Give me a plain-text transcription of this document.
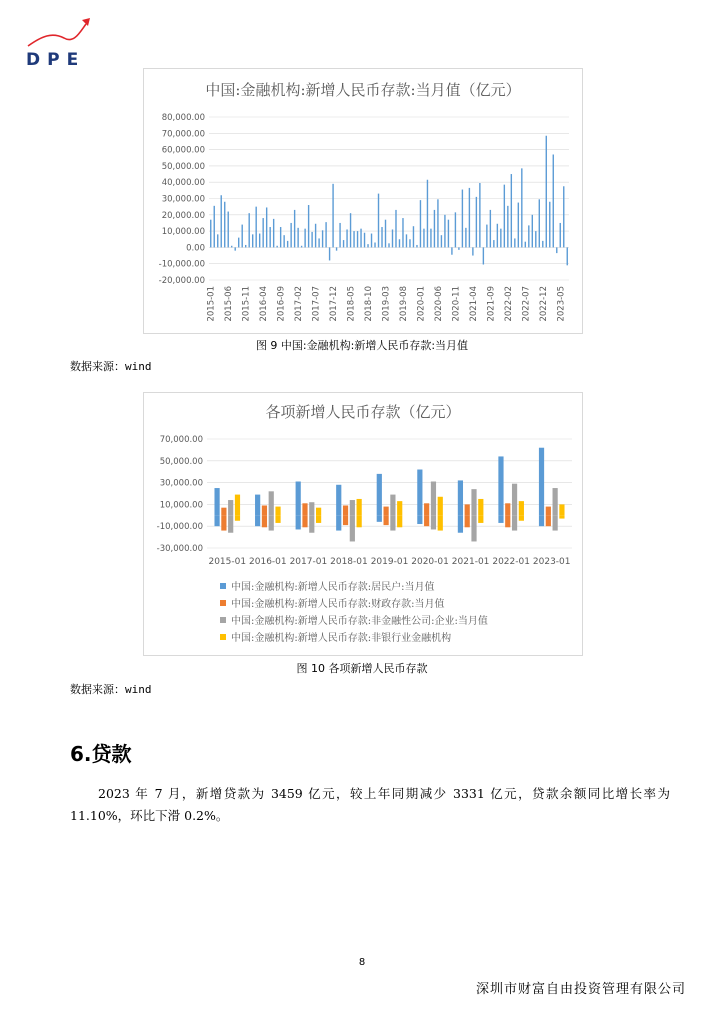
DPE
中国:金融机构:新增人民币存款:当月值（亿元）
80,000.00
70,000.00
60,000.00
50,000.00
40,000.00
30,000.00
20,000.00
10,000.00
0.00
-10,000.00
-20,000.00
2015-01 2015-06 2015-11 2016-04 2016-09 2017-02 2017-07 2017-12 2018-05 2018-10 2019-03 2019-08 2020-01 2020-06 2020-11 2021-04 2021-09 2022-02 2022-07 2022-12 2023-05
图 9 中国:金融机构:新增人民币存款:当月值
数据来源：wind
各项新增人民币存款（亿元）
70,000.00
50,000.00
30,000.00
10,000.00
-10,000.00
-30,000.00
2015-01 2016-01 2017-01 2018-01 2019-01 2020-01 2021-01 2022-01 2023-01
中国:金融机构:新增人民币存款:居民户:当月值
中国:金融机构:新增人民币存款:财政存款:当月值
中国:金融机构:新增人民币存款:非金融性公司:企业:当月值
中国:金融机构:新增人民币存款:非银行业金融机构
图 10 各项新增人民币存款
数据来源：wind
6.贷款
2023 年 7 月，新增贷款为 3459 亿元，较上年同期减少 3331 亿元，贷款余额同比增长率为 11.10%，环比下滑 0.2%。
8
深圳市财富自由投资管理有限公司
